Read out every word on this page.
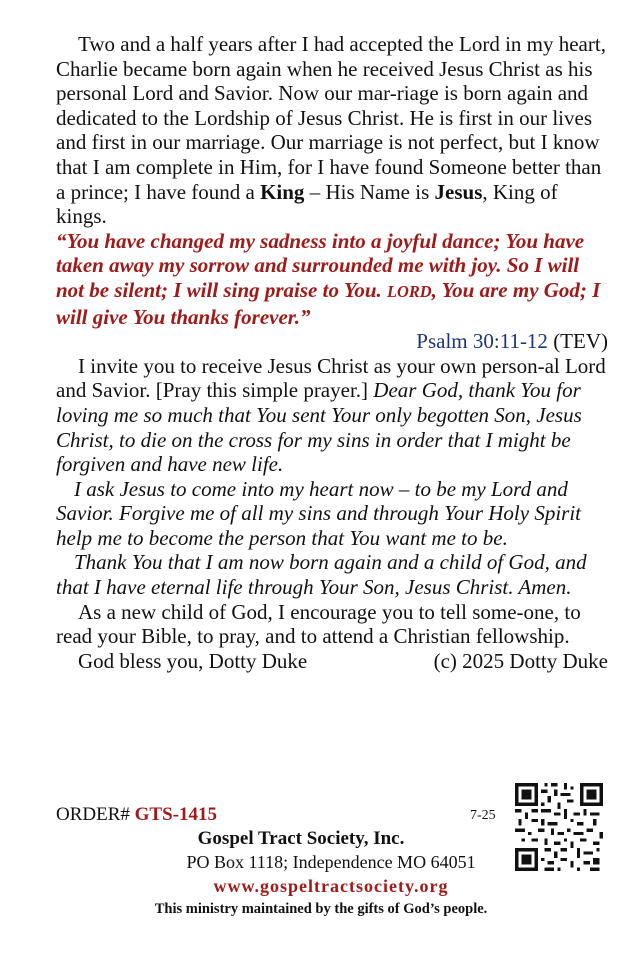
Two and a half years after I had accepted the Lord in my heart, Charlie became born again when he received Jesus Christ as his personal Lord and Savior. Now our mar-riage is born again and dedicated to the Lordship of Jesus Christ. He is first in our lives and first in our marriage. Our marriage is not perfect, but I know that I am complete in Him, for I have found Someone better than a prince; I have found a King – His Name is Jesus, King of kings.

“You have changed my sadness into a joyful dance; You have taken away my sorrow and surrounded me with joy. So I will not be silent; I will sing praise to You. LORD, You are my God; I will give You thanks forever.”

Psalm 30:11-12 (TEV)

I invite you to receive Jesus Christ as your own person-al Lord and Savior. [Pray this simple prayer.] Dear God, thank You for loving me so much that You sent Your only begotten Son, Jesus Christ, to die on the cross for my sins in order that I might be forgiven and have new life.

I ask Jesus to come into my heart now – to be my Lord and Savior. Forgive me of all my sins and through Your Holy Spirit help me to become the person that You want me to be.

Thank You that I am now born again and a child of God, and that I have eternal life through Your Son, Jesus Christ. Amen.

As a new child of God, I encourage you to tell some-one, to read your Bible, to pray, and to attend a Christian fellowship.

God bless you, Dotty Duke	(c) 2025 Dotty Duke
ORDER# GTS-1415	7-25
Gospel Tract Society, Inc.
PO Box 1118; Independence MO 64051
www.gospeltractsociety.org
This ministry maintained by the gifts of God’s people.
